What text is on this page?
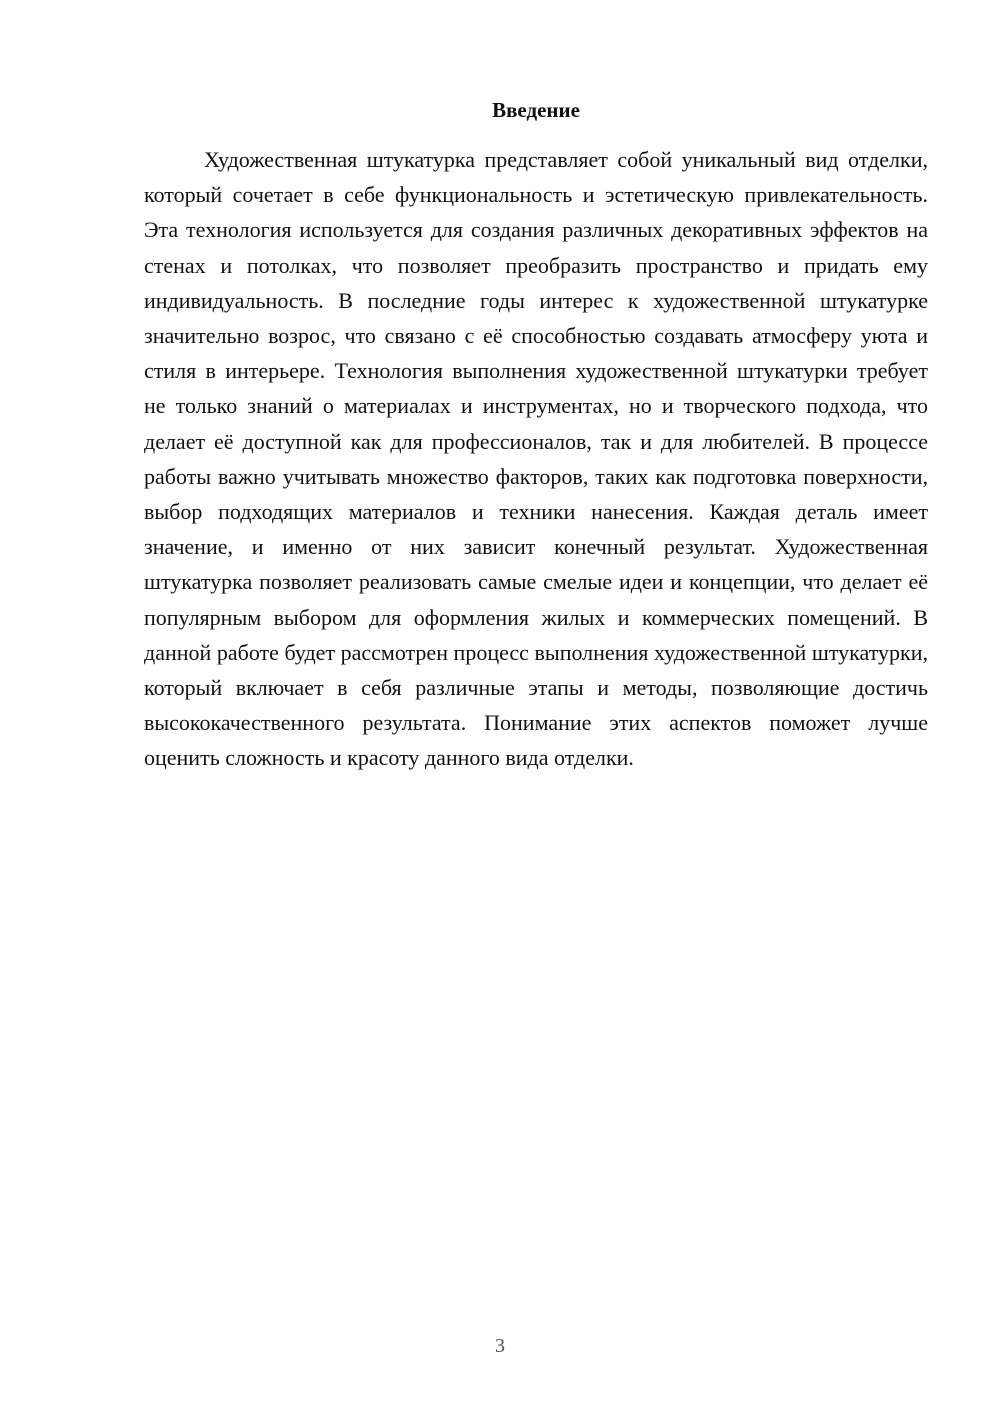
Введение

Художественная штукатурка представляет собой уникальный вид отделки, который сочетает в себе функциональность и эстетическую привлекательность. Эта технология используется для создания различных декоративных эффектов на стенах и потолках, что позволяет преобразить пространство и придать ему индивидуальность. В последние годы интерес к художественной штукатурке значительно возрос, что связано с её способностью создавать атмосферу уюта и стиля в интерьере. Технология выполнения художественной штукатурки требует не только знаний о материалах и инструментах, но и творческого подхода, что делает её доступной как для профессионалов, так и для любителей. В процессе работы важно учитывать множество факторов, таких как подготовка поверхности, выбор подходящих материалов и техники нанесения. Каждая деталь имеет значение, и именно от них зависит конечный результат. Художественная штукатурка позволяет реализовать самые смелые идеи и концепции, что делает её популярным выбором для оформления жилых и коммерческих помещений. В данной работе будет рассмотрен процесс выполнения художественной штукатурки, который включает в себя различные этапы и методы, позволяющие достичь высококачественного результата. Понимание этих аспектов поможет лучше оценить сложность и красоту данного вида отделки.

3
